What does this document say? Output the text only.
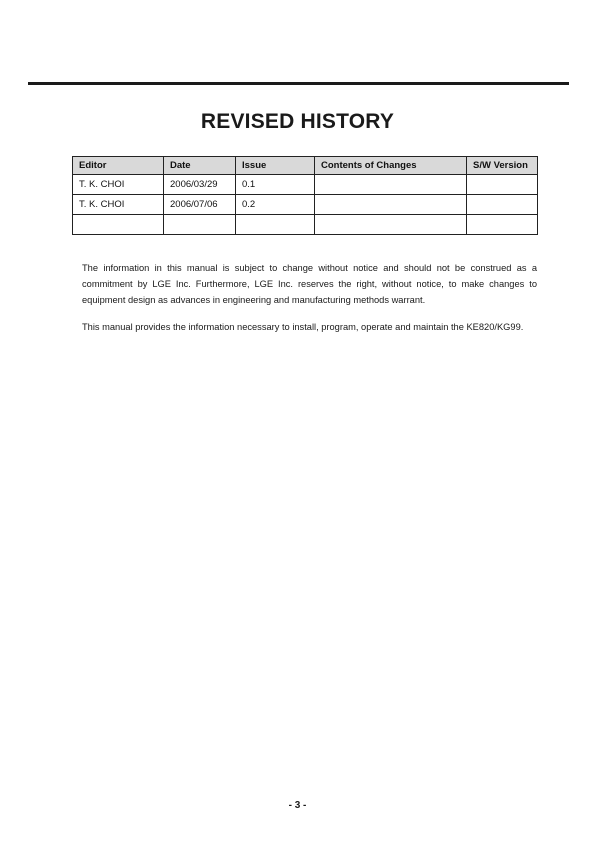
REVISED HISTORY
Editor	Date	Issue	Contents of Changes	S/W Version
T. K. CHOI	2006/03/29	0.1		
T. K. CHOI	2006/07/06	0.2		

The information in this manual is subject to change without notice and should not be construed as a commitment by LGE Inc. Furthermore, LGE Inc. reserves the right, without notice, to make changes to equipment design as advances in engineering and manufacturing methods warrant.

This manual provides the information necessary to install, program, operate and maintain the KE820/KG99.

- 3 -
